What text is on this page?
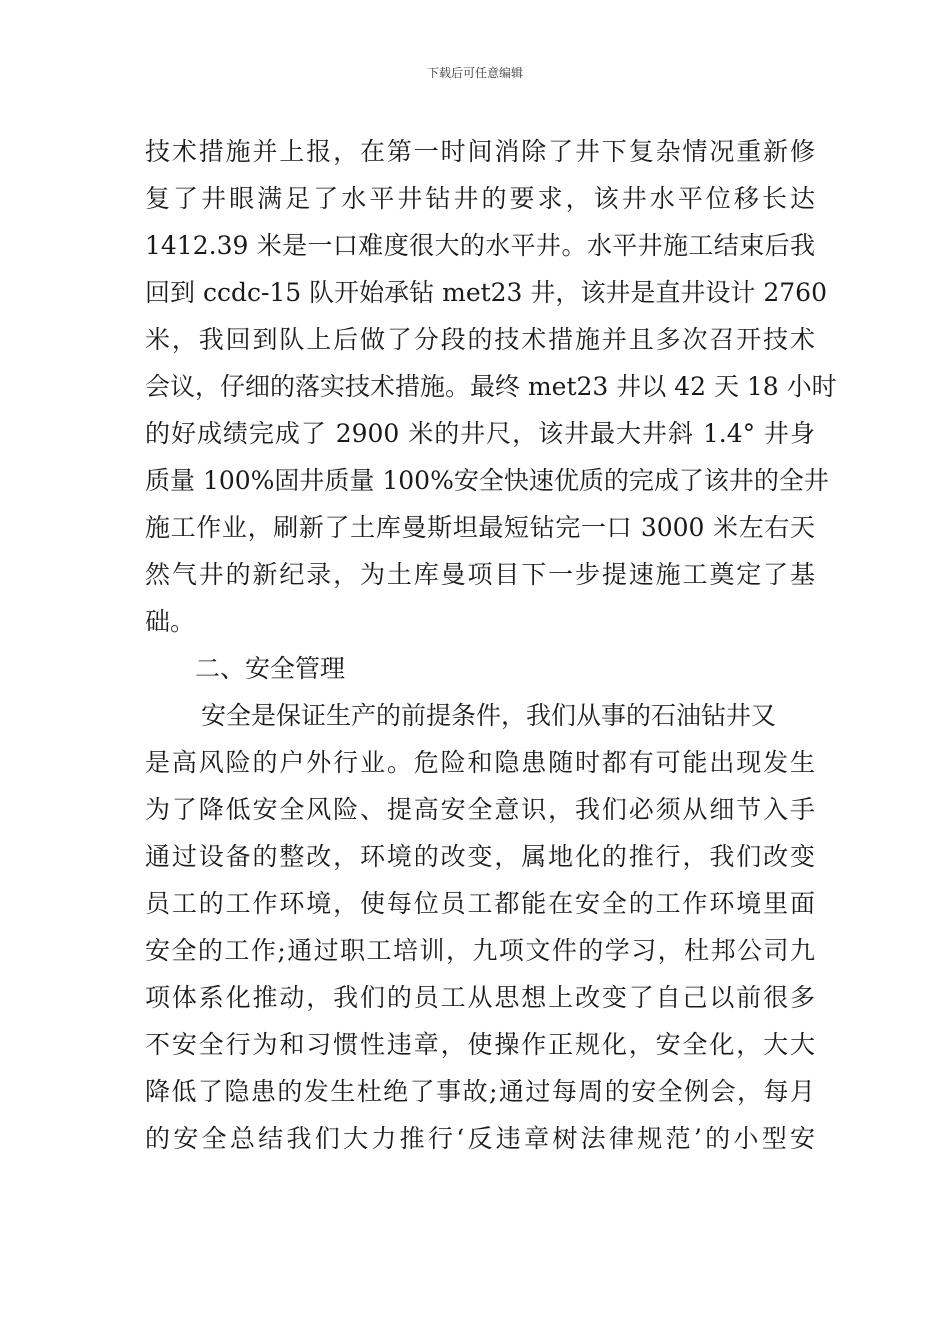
下载后可任意编辑
技术措施并上报，在第一时间消除了井下复杂情况重新修
复了井眼满足了水平井钻井的要求，该井水平位移长达
1412.39 米是一口难度很大的水平井。水平井施工结束后我
回到 ccdc-15 队开始承钻 met23 井，该井是直井设计 2760
米，我回到队上后做了分段的技术措施并且多次召开技术
会议，仔细的落实技术措施。最终 met23 井以 42 天 18 小时
的好成绩完成了 2900 米的井尺，该井最大井斜 1.4° 井身
质量 100%固井质量 100%安全快速优质的完成了该井的全井
施工作业，刷新了土库曼斯坦最短钻完一口 3000 米左右天
然气井的新纪录，为土库曼项目下一步提速施工奠定了基
础。
二、安全管理
安全是保证生产的前提条件，我们从事的石油钻井又
是高风险的户外行业。危险和隐患随时都有可能出现发生
为了降低安全风险、提高安全意识，我们必须从细节入手
通过设备的整改，环境的改变，属地化的推行，我们改变
员工的工作环境，使每位员工都能在安全的工作环境里面
安全的工作;通过职工培训，九项文件的学习，杜邦公司九
项体系化推动，我们的员工从思想上改变了自己以前很多
不安全行为和习惯性违章，使操作正规化，安全化，大大
降低了隐患的发生杜绝了事故;通过每周的安全例会，每月
的安全总结我们大力推行‘反违章树法律规范’的小型安
